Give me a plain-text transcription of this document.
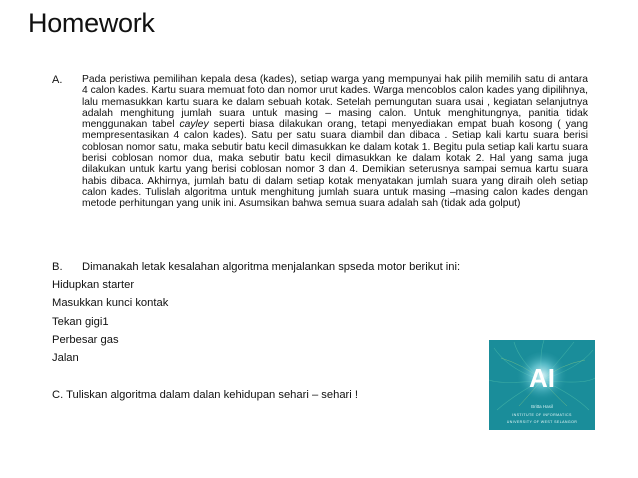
Homework
A. Pada peristiwa pemilihan kepala desa (kades), setiap warga yang mempunyai hak pilih memilih satu di antara 4 calon kades. Kartu suara memuat foto dan nomor urut kades. Warga mencoblos calon kades yang dipilihnya, lalu memasukkan kartu suara ke dalam sebuah kotak. Setelah pemungutan suara usai , kegiatan selanjutnya adalah menghitung jumlah suara untuk masing – masing calon. Untuk menghitungnya, panitia tidak menggunakan tabel cayley seperti biasa dilakukan orang, tetapi menyediakan empat buah kosong ( yang mempresentasikan 4 calon kades). Satu per satu suara diambil dan dibaca . Setiap kali kartu suara berisi coblosan nomor satu, maka sebutir batu kecil dimasukkan ke dalam kotak 1. Begitu pula setiap kali kartu suara berisi coblosan nomor dua, maka sebutir batu kecil dimasukkan ke dalam kotak 2. Hal yang sama juga dilakukan untuk kartu yang berisi coblosan nomor 3 dan 4. Demikian seterusnya sampai semua kartu suara habis dibaca. Akhirnya, jumlah batu di dalam setiap kotak menyatakan jumlah suara yang diraih oleh setiap calon kades. Tulislah algoritma untuk menghitung jumlah suara untuk masing –masing calon kades dengan metode perhitungan yang unik ini. Asumsikan bahwa semua suara adalah sah (tidak ada golput)

B. Dimanakah letak kesalahan algoritma menjalankan spseda motor berikut ini:
Hidupkan starter
Masukkan kunci kontak
Tekan gigi1
Perbesar gas
Jalan
C. Tuliskan algoritma dalam dalan kehidupan sehari – sehari !
AI
Britta Hasil
INSTITUTE OF INFORMATICS
UNIVERSITY OF WEST SELANGOR
